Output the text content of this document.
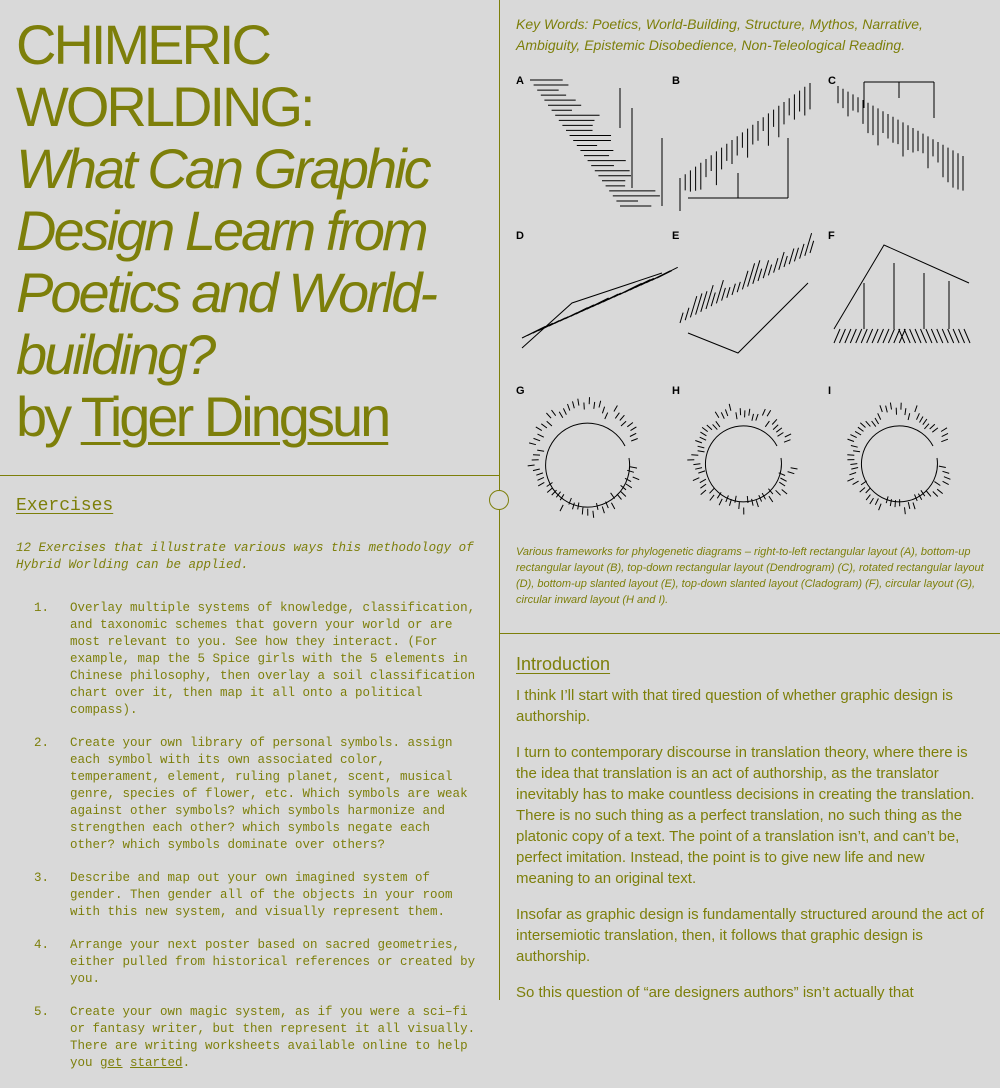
CHIMERIC
WORLDING:
What Can Graphic
Design Learn from
Poetics and World-
building?
by Tiger Dingsun
Exercises
12 Exercises that illustrate various ways this methodology of Hybrid Worlding can be applied.
1.	Overlay multiple systems of knowledge, classification, and taxonomic schemes that govern your world or are most relevant to you. See how they interact. (For example, map the 5 Spice girls with the 5 elements in Chinese philosophy, then overlay a soil classification chart over it, then map it all onto a political compass).
2.	Create your own library of personal symbols. assign each symbol with its own associated color, temperament, element, ruling planet, scent, musical genre, species of flower, etc. Which symbols are weak against other symbols? which symbols harmonize and strengthen each other? which symbols negate each other? which symbols dominate over others?
3.	Describe and map out your own imagined system of gender. Then gender all of the objects in your room with this new system, and visually represent them.
4.	Arrange your next poster based on sacred geometries, either pulled from historical references or created by you.
5.	Create your own magic system, as if you were a sci–fi or fantasy writer, but then represent it all visually. There are writing worksheets available online to help you get started.
Key Words: Poetics, World-Building, Structure, Mythos, Narrative, Ambiguity, Epistemic Disobedience, Non-Teleological Reading.
A	B	C
D	E	F
G	H	I
Various frameworks for phylogenetic diagrams – right-to-left rectangular layout (A), bottom-up rectangular layout (B), top-down rectangular layout (Dendrogram) (C), rotated rectangular layout (D), bottom-up slanted layout (E), top-down slanted layout (Cladogram) (F), circular layout (G), circular inward layout (H and I).
Introduction

I think I’ll start with that tired question of whether graphic design is authorship.

I turn to contemporary discourse in translation theory, where there is the idea that translation is an act of authorship, as the translator inevitably has to make countless decisions in creating the translation. There is no such thing as a perfect translation, no such thing as the platonic copy of a text. The point of a translation isn’t, and can’t be, perfect imitation. Instead, the point is to give new life and new meaning to an original text.

Insofar as graphic design is fundamentally structured around the act of intersemiotic translation, then, it follows that graphic design is authorship.

So this question of “are designers authors” isn’t actually that
